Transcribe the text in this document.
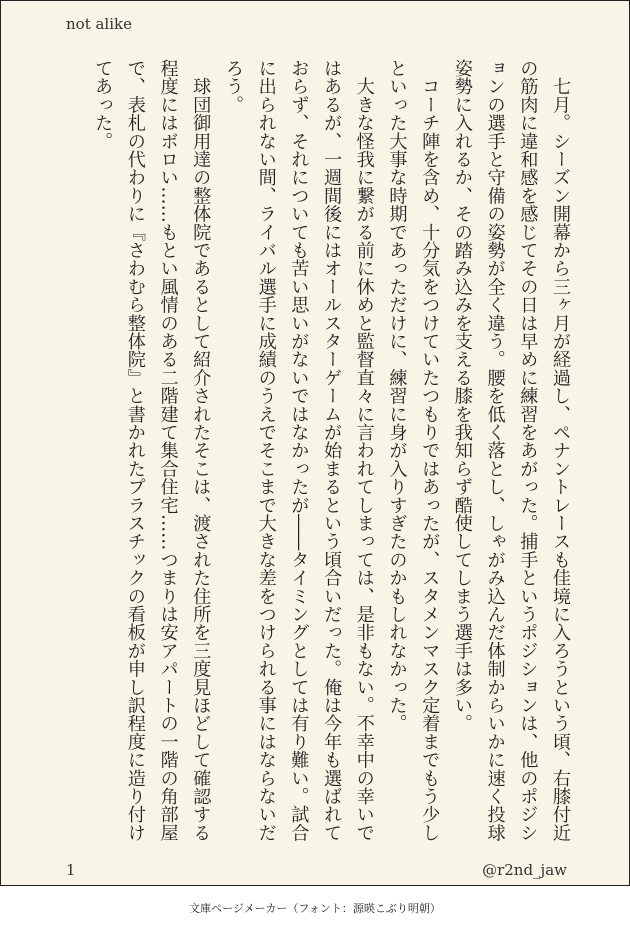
not alike

　七月。シーズン開幕から三ヶ月が経過し、ペナントレースも佳境に入ろうという頃、右膝付近の筋肉に違和感を感じてその日は早めに練習をあがった。捕手というポジションは、他のポジションの選手と守備の姿勢が全く違う。腰を低く落とし、しゃがみ込んだ体制からいかに速く投球姿勢に入れるか、その踏み込みを支える膝を我知らず酷使してしまう選手は多い。

　コーチ陣を含め、十分気をつけていたつもりではあったが、スタメンマスク定着までもう少しといった大事な時期であっただけに、練習に身が入りすぎたのかもしれなかった。

　大きな怪我に繋がる前に休めと監督直々に言われてしまっては、是非もない。不幸中の幸いではあるが、一週間後にはオールスターゲームが始まるという頃合いだった。俺は今年も選ばれておらず、それについても苦い思いがないではなかったが――タイミングとしては有り難い。試合に出られない間、ライバル選手に成績のうえでそこまで大きな差をつけられる事にはならないだろう。

　球団御用達の整体院であるとして紹介されたそこは、渡された住所を三度見ほどして確認する程度にはボロい……もとい風情のある二階建て集合住宅……つまりは安アパートの一階の角部屋で、表札の代わりに『さわむら整体院』と書かれたプラスチックの看板が申し訳程度に造り付けてあった。

1	@r2nd_jaw
文庫ページメーカー（フォント：源暎こぶり明朝）
